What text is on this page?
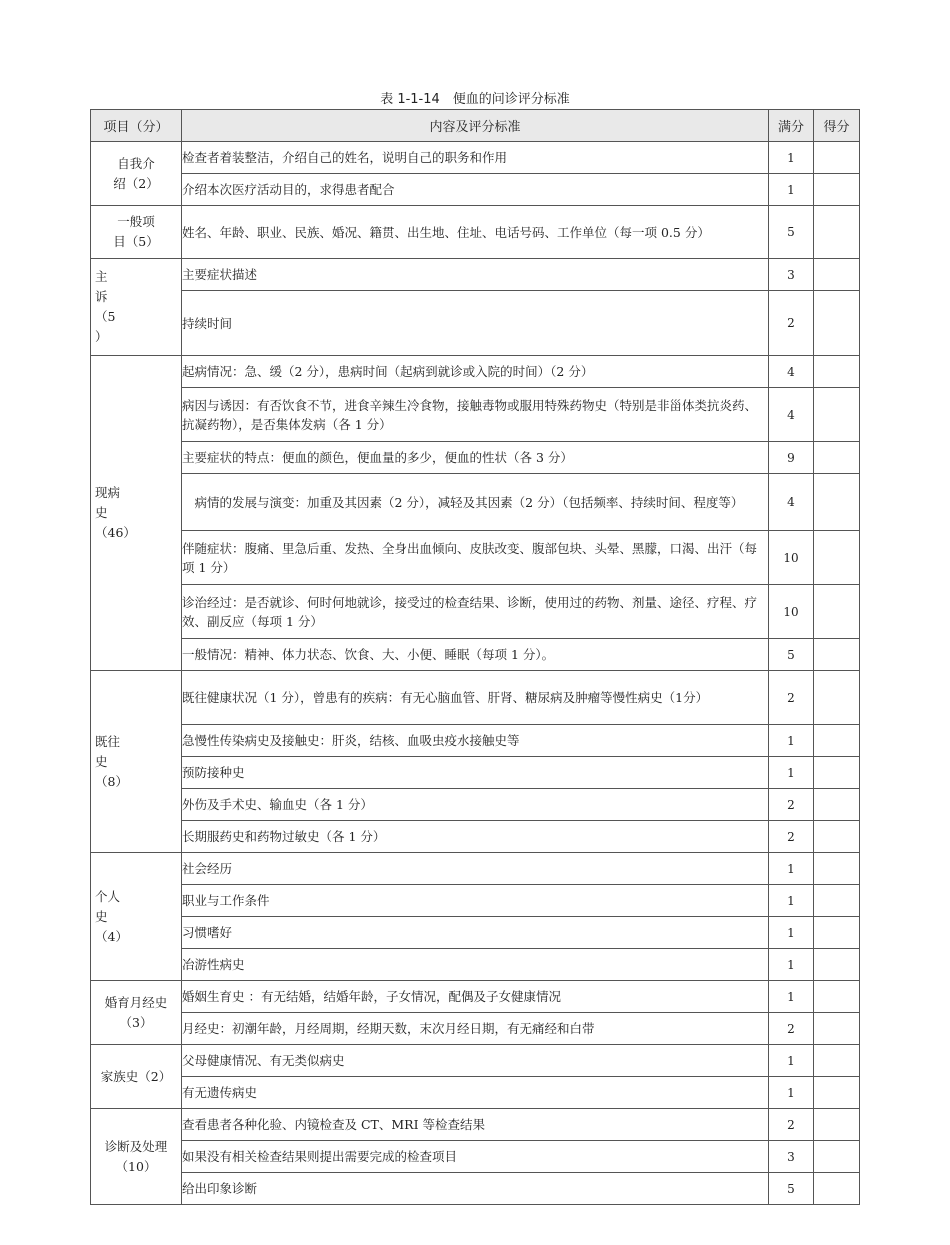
表 1-1-14　便血的问诊评分标准
项目（分）	内容及评分标准	满分	得分
自我介
绍（2）	检查者着装整洁，介绍自己的姓名，说明自己的职务和作用	1	
	介绍本次医疗活动目的，求得患者配合	1	
一般项
目（5）	姓名、年龄、职业、民族、婚况、籍贯、出生地、住址、电话号码、工作单位（每一项 0.5 分）	5	
主
诉
（5
）	主要症状描述	3	
	持续时间	2	
现病
史
（46）	起病情况：急、缓（2 分），患病时间（起病到就诊或入院的时间）（2 分）	4	
	病因与诱因：有否饮食不节，进食辛辣生冷食物，接触毒物或服用特殊药物史（特别是非甾体类抗炎药、抗凝药物），是否集体发病（各 1 分）	4	
	主要症状的特点：便血的颜色，便血量的多少，便血的性状（各 3 分）	9	
	　病情的发展与演变：加重及其因素（2 分），减轻及其因素（2 分）（包括频率、持续时间、程度等）	4	
	伴随症状：腹痛、里急后重、发热、全身出血倾向、皮肤改变、腹部包块、头晕、黑朦，口渴、出汗（每项 1 分）	10	
	诊治经过：是否就诊、何时何地就诊，接受过的检查结果、诊断，使用过的药物、剂量、途径、疗程、疗效、副反应（每项 1 分）	10	
	一般情况：精神、体力状态、饮食、大、小便、睡眠（每项 1 分）。	5	
既往
史
（8）	既往健康状况（1 分），曾患有的疾病：有无心脑血管、肝肾、糖尿病及肿瘤等慢性病史（1分）	2	
	急慢性传染病史及接触史：肝炎，结核、血吸虫疫水接触史等	1	
	预防接种史	1	
	外伤及手术史、输血史（各 1 分）	2	
	长期服药史和药物过敏史（各 1 分）	2	
个人
史
（4）	社会经历	1	
	职业与工作条件	1	
	习惯嗜好	1	
	冶游性病史	1	
婚育月经史
（3）	婚姻生育史 ：有无结婚，结婚年龄，子女情况，配偶及子女健康情况	1	
	月经史：初潮年龄，月经周期，经期天数，末次月经日期，有无痛经和白带	2	
家族史（2）	父母健康情况、有无类似病史	1	
	有无遗传病史	1	
诊断及处理
（10）	查看患者各种化验、内镜检查及 CT、MRI 等检查结果	2	
	如果没有相关检查结果则提出需要完成的检查项目	3	
	给出印象诊断	5	
